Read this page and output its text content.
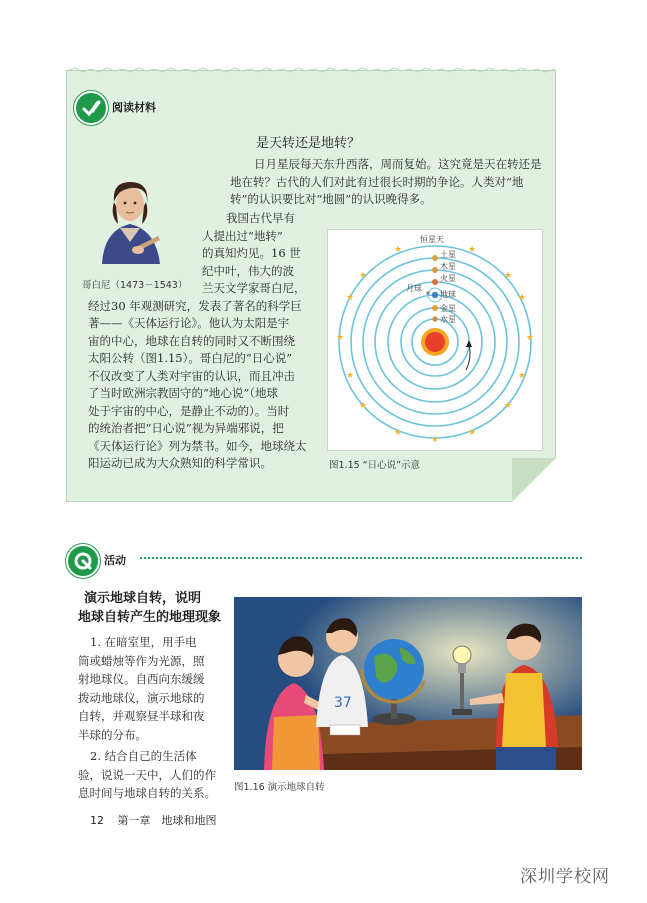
阅读材料
是天转还是地转？
日月星辰每天东升西落，周而复始。这究竟是天在转还是
地在转？古代的人们对此有过很长时期的争论。人类对“地
转”的认识要比对“地圆”的认识晚得多。
哥白尼（1473－1543）
我国古代早有
人提出过“地转”
的真知灼见。16 世
纪中叶，伟大的波
兰天文学家哥白尼，
经过30 年观测研究，发表了著名的科学巨
著——《天体运行论》。他认为太阳是宇
宙的中心，地球在自转的同时又不断围绕
太阳公转（图1.15）。哥白尼的“日心说”
不仅改变了人类对宇宙的认识，而且冲击
了当时欧洲宗教固守的“地心说”（地球
处于宇宙的中心，是静止不动的）。当时
的统治者把“日心说”视为异端邪说，把
《天体运行论》列为禁书。如今，地球绕太
阳运动已成为大众熟知的科学常识。
★	★
★	★
★	★
★
★	★
★	★
★	★
★	★
恒星天
土星
木星
火星
地球
月球
金星
水星
图1.15 “日心说”示意
活动
演示地球自转，说明
地球自转产生的地理现象
1. 在暗室里，用手电
筒或蜡烛等作为光源，照
射地球仪。自西向东缓缓
拨动地球仪，演示地球的
自转，并观察昼半球和夜
半球的分布。
2. 结合自己的生活体
验，说说一天中，人们的作
息时间与地球自转的关系。
37
图1.16 演示地球自转
12 第一章　地球和地图
深圳学校网
